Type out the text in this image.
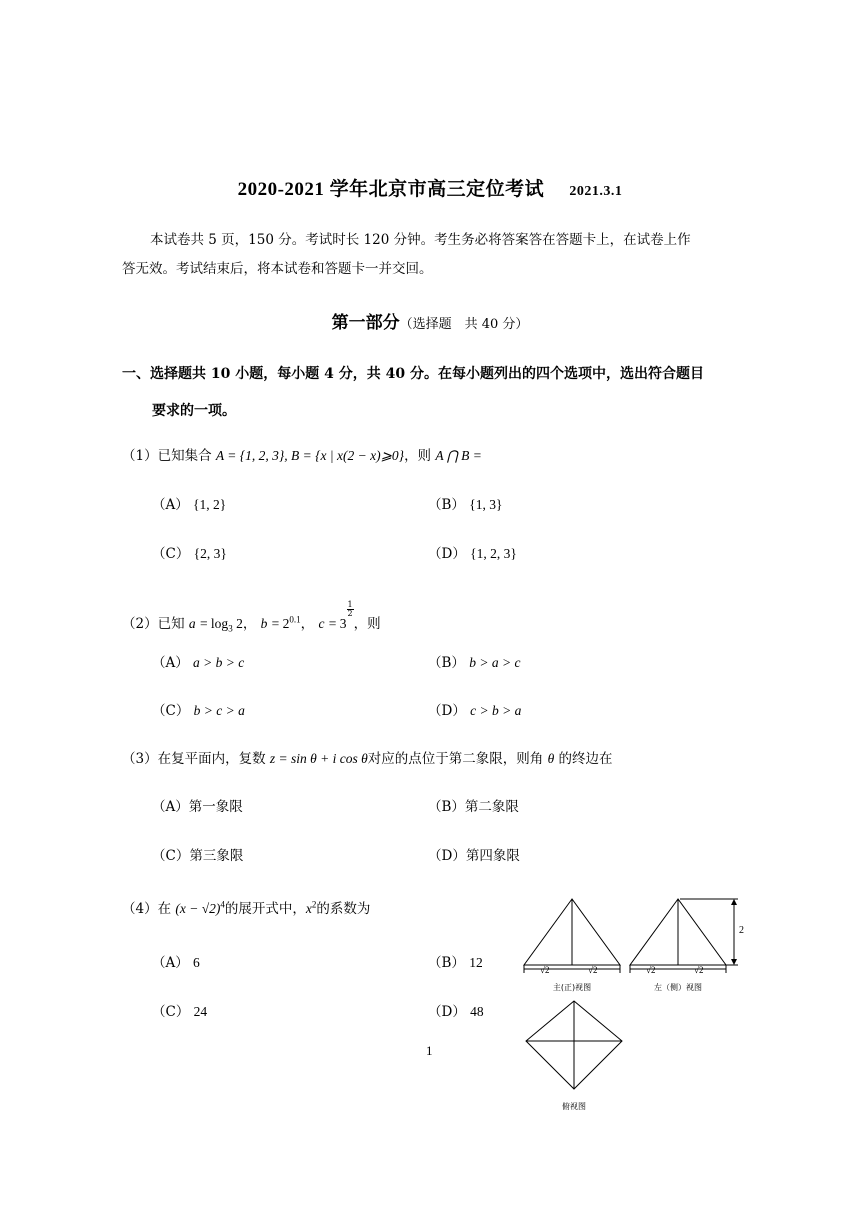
2020-2021 学年北京市高三定位考试 2021.3.1
本试卷共 5 页，150 分。考试时长 120 分钟。考生务必将答案答在答题卡上，在试卷上作
答无效。考试结束后，将本试卷和答题卡一并交回。
第一部分（选择题　共 40 分）
一、选择题共 10 小题，每小题 4 分，共 40 分。在每小题列出的四个选项中，选出符合题目
要求的一项。
（1）已知集合 A = {1, 2, 3}, B = {x | x(2 − x)⩾0}，则 A ⋂ B =
（A） {1, 2}	（B） {1, 3}
（C） {2, 3}	（D） {1, 2, 3}
（2）已知 $a = \log_3 2$， $b = 2^{0.1}$， c = 3
$\frac{1}{2}$
，则
（A） a > b > c	（B） b > a > c
（C） b > c > a	（D） c > b > a
（3）在复平面内，复数 z = sin θ + i cos θ对应的点位于第二象限，则角 θ 的终边在
（A）第一象限	（B）第二象限
（C）第三象限	（D）第四象限
（4）在 $(x - √2)^4$的展开式中，$x^2$的系数为
（A） 6	（B） 12
（C） 24	（D） 48
2
√2	√2	√2	√2
主(正)视图	左（侧）视图
俯视图
1
